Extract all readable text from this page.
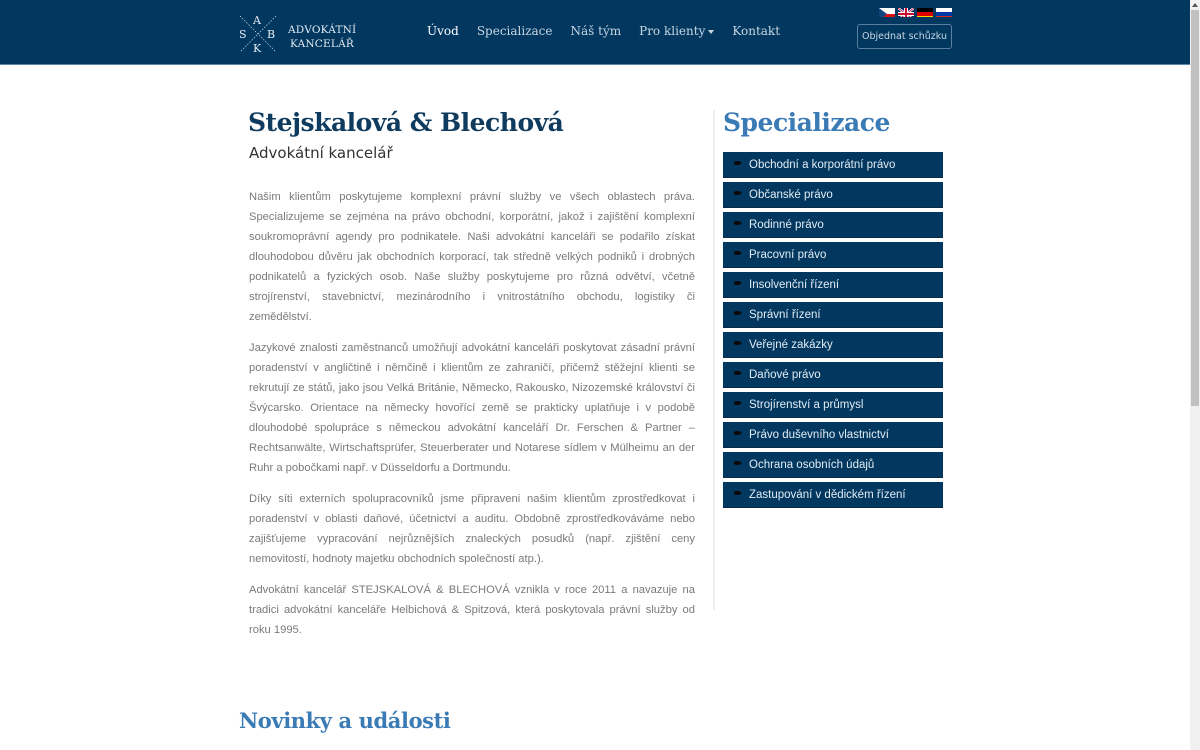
A
S B
K
ADVOKÁTNÍ
KANCELÁŘ
Úvod	Specializace	Náš tým	Pro klienty	Kontakt	Objednat schůzku
Stejskalová & Blechová
Advokátní kancelář

Našim klientům poskytujeme komplexní právní služby ve všech oblastech práva. Specializujeme se zejména na právo obchodní, korporátní, jakož i zajištění komplexní soukromoprávní agendy pro podnikatele. Naši advokátní kanceláři se podařilo získat dlouhodobou důvěru jak obchodních korporací, tak středně velkých podniků i drobných podnikatelů a fyzických osob. Naše služby poskytujeme pro různá odvětví, včetně strojírenství, stavebnictví, mezinárodního i vnitrostátního obchodu, logistiky či zemědělství.

Jazykové znalosti zaměstnanců umožňují advokátní kanceláři poskytovat zásadní právní poradenství v angličtině i němčině i klientům ze zahraničí, přičemž stěžejní klienti se rekrutují ze států, jako jsou Velká Británie, Německo, Rakousko, Nizozemské království či Švýcarsko. Orientace na německy hovořící země se prakticky uplatňuje i v podobě dlouhodobé spolupráce s německou advokátní kanceláří Dr. Ferschen & Partner – Rechtsanwälte, Wirtschaftsprüfer, Steuerberater und Notarese sídlem v Mülheimu an der Ruhr a pobočkami např. v Düsseldorfu a Dortmundu.

Díky síti externích spolupracovníků jsme připraveni našim klientům zprostředkovat i poradenství v oblasti daňové, účetnictví a auditu. Obdobně zprostředkováváme nebo zajišťujeme vypracování nejrůznějších znaleckých posudků (např. zjištění ceny nemovitostí, hodnoty majetku obchodních společností atp.).

Advokátní kancelář STEJSKALOVÁ & BLECHOVÁ vznikla v roce 2011 a navazuje na tradici advokátní kanceláře Helbichová & Spitzová, která poskytovala právní služby od roku 1995.

Specializace
Obchodní a korporátní právo
Občanské právo
Rodinné právo
Pracovní právo
Insolvenční řízení
Správní řízení
Veřejné zakázky
Daňové právo
Strojírenství a průmysl
Právo duševního vlastnictví
Ochrana osobních údajů
Zastupování v dědickém řízení
Novinky a události
